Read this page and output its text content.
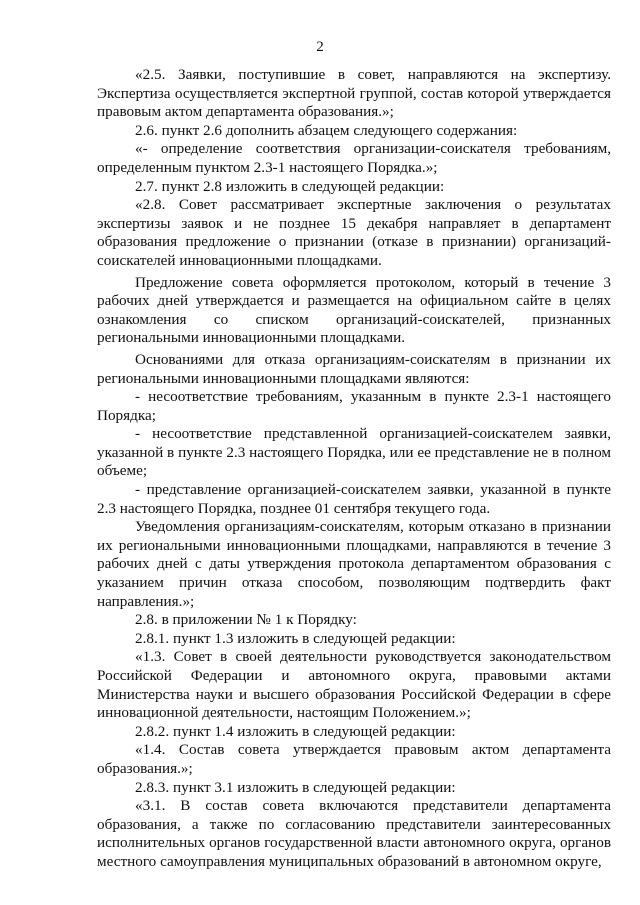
2

«2.5. Заявки, поступившие в совет, направляются на экспертизу. Экспертиза осуществляется экспертной группой, состав которой утверждается правовым актом департамента образования.»;

2.6. пункт 2.6 дополнить абзацем следующего содержания:

«- определение соответствия организации-соискателя требованиям, определенным пунктом 2.3-1 настоящего Порядка.»;

2.7. пункт 2.8 изложить в следующей редакции:

«2.8. Совет рассматривает экспертные заключения о результатах экспертизы заявок и не позднее 15 декабря направляет в департамент образования предложение о признании (отказе в признании) организаций-соискателей инновационными площадками.

Предложение совета оформляется протоколом, который в течение 3 рабочих дней утверждается и размещается на официальном сайте в целях ознакомления со списком организаций-соискателей, признанных региональными инновационными площадками.

Основаниями для отказа организациям-соискателям в признании их региональными инновационными площадками являются:

- несоответствие требованиям, указанным в пункте 2.3-1 настоящего Порядка;

- несоответствие представленной организацией-соискателем заявки, указанной в пункте 2.3 настоящего Порядка, или ее представление не в полном объеме;

- представление организацией-соискателем заявки, указанной в пункте 2.3 настоящего Порядка, позднее 01 сентября текущего года.

Уведомления организациям-соискателям, которым отказано в признании их региональными инновационными площадками, направляются в течение 3 рабочих дней с даты утверждения протокола департаментом образования с указанием причин отказа способом, позволяющим подтвердить факт направления.»;

2.8. в приложении № 1 к Порядку:

2.8.1. пункт 1.3 изложить в следующей редакции:

«1.3. Совет в своей деятельности руководствуется законодательством Российской Федерации и автономного округа, правовыми актами Министерства науки и высшего образования Российской Федерации в сфере инновационной деятельности, настоящим Положением.»;

2.8.2. пункт 1.4 изложить в следующей редакции:

«1.4. Состав совета утверждается правовым актом департамента образования.»;

2.8.3. пункт 3.1 изложить в следующей редакции:

«3.1. В состав совета включаются представители департамента образования, а также по согласованию представители заинтересованных исполнительных органов государственной власти автономного округа, органов местного самоуправления муниципальных образований в автономном округе,
